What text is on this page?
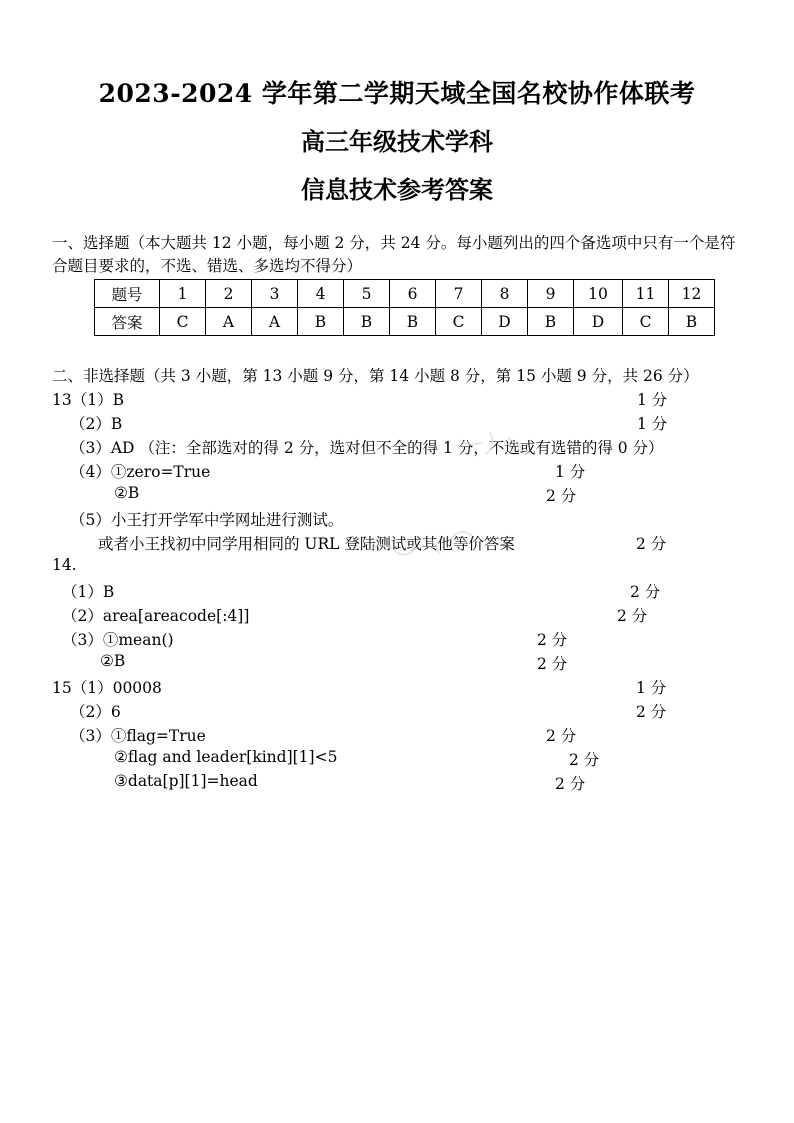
2023-2024 学年第二学期天域全国名校协作体联考
高三年级技术学科
信息技术参考答案
一、选择题（本大题共 12 小题，每小题 2 分，共 24 分。每小题列出的四个备选项中只有一个是符
合题目要求的，不选、错选、多选均不得分）
题号	1	2	3	4	5	6	7	8	9	10	11	12
答案	C	A	A	B	B	B	C	D	B	D	C	B
二、非选择题（共 3 小题，第 13 小题 9 分，第 14 小题 8 分，第 15 小题 9 分，共 26 分）
13（1）B	1 分
（2）B	1 分
（3）AD （注：全部选对的得 2 分，选对但不全的得 1 分，不选或有选错的得 0 分）
（4）①zero=True	1 分
②B	2 分
（5）小王打开学军中学网址进行测试。
或者小王找初中同学用相同的 URL 登陆测试或其他等价答案	2 分
14.
（1）B	2 分
（2）area[areacode[:4]]	2 分
（3）①mean()	2 分
②B	2 分
15（1）00008	1 分
（2）6	2 分
（3）①flag=True	2 分
②flag and leader[kind][1]<5	2 分
③data[p][1]=head	2 分
